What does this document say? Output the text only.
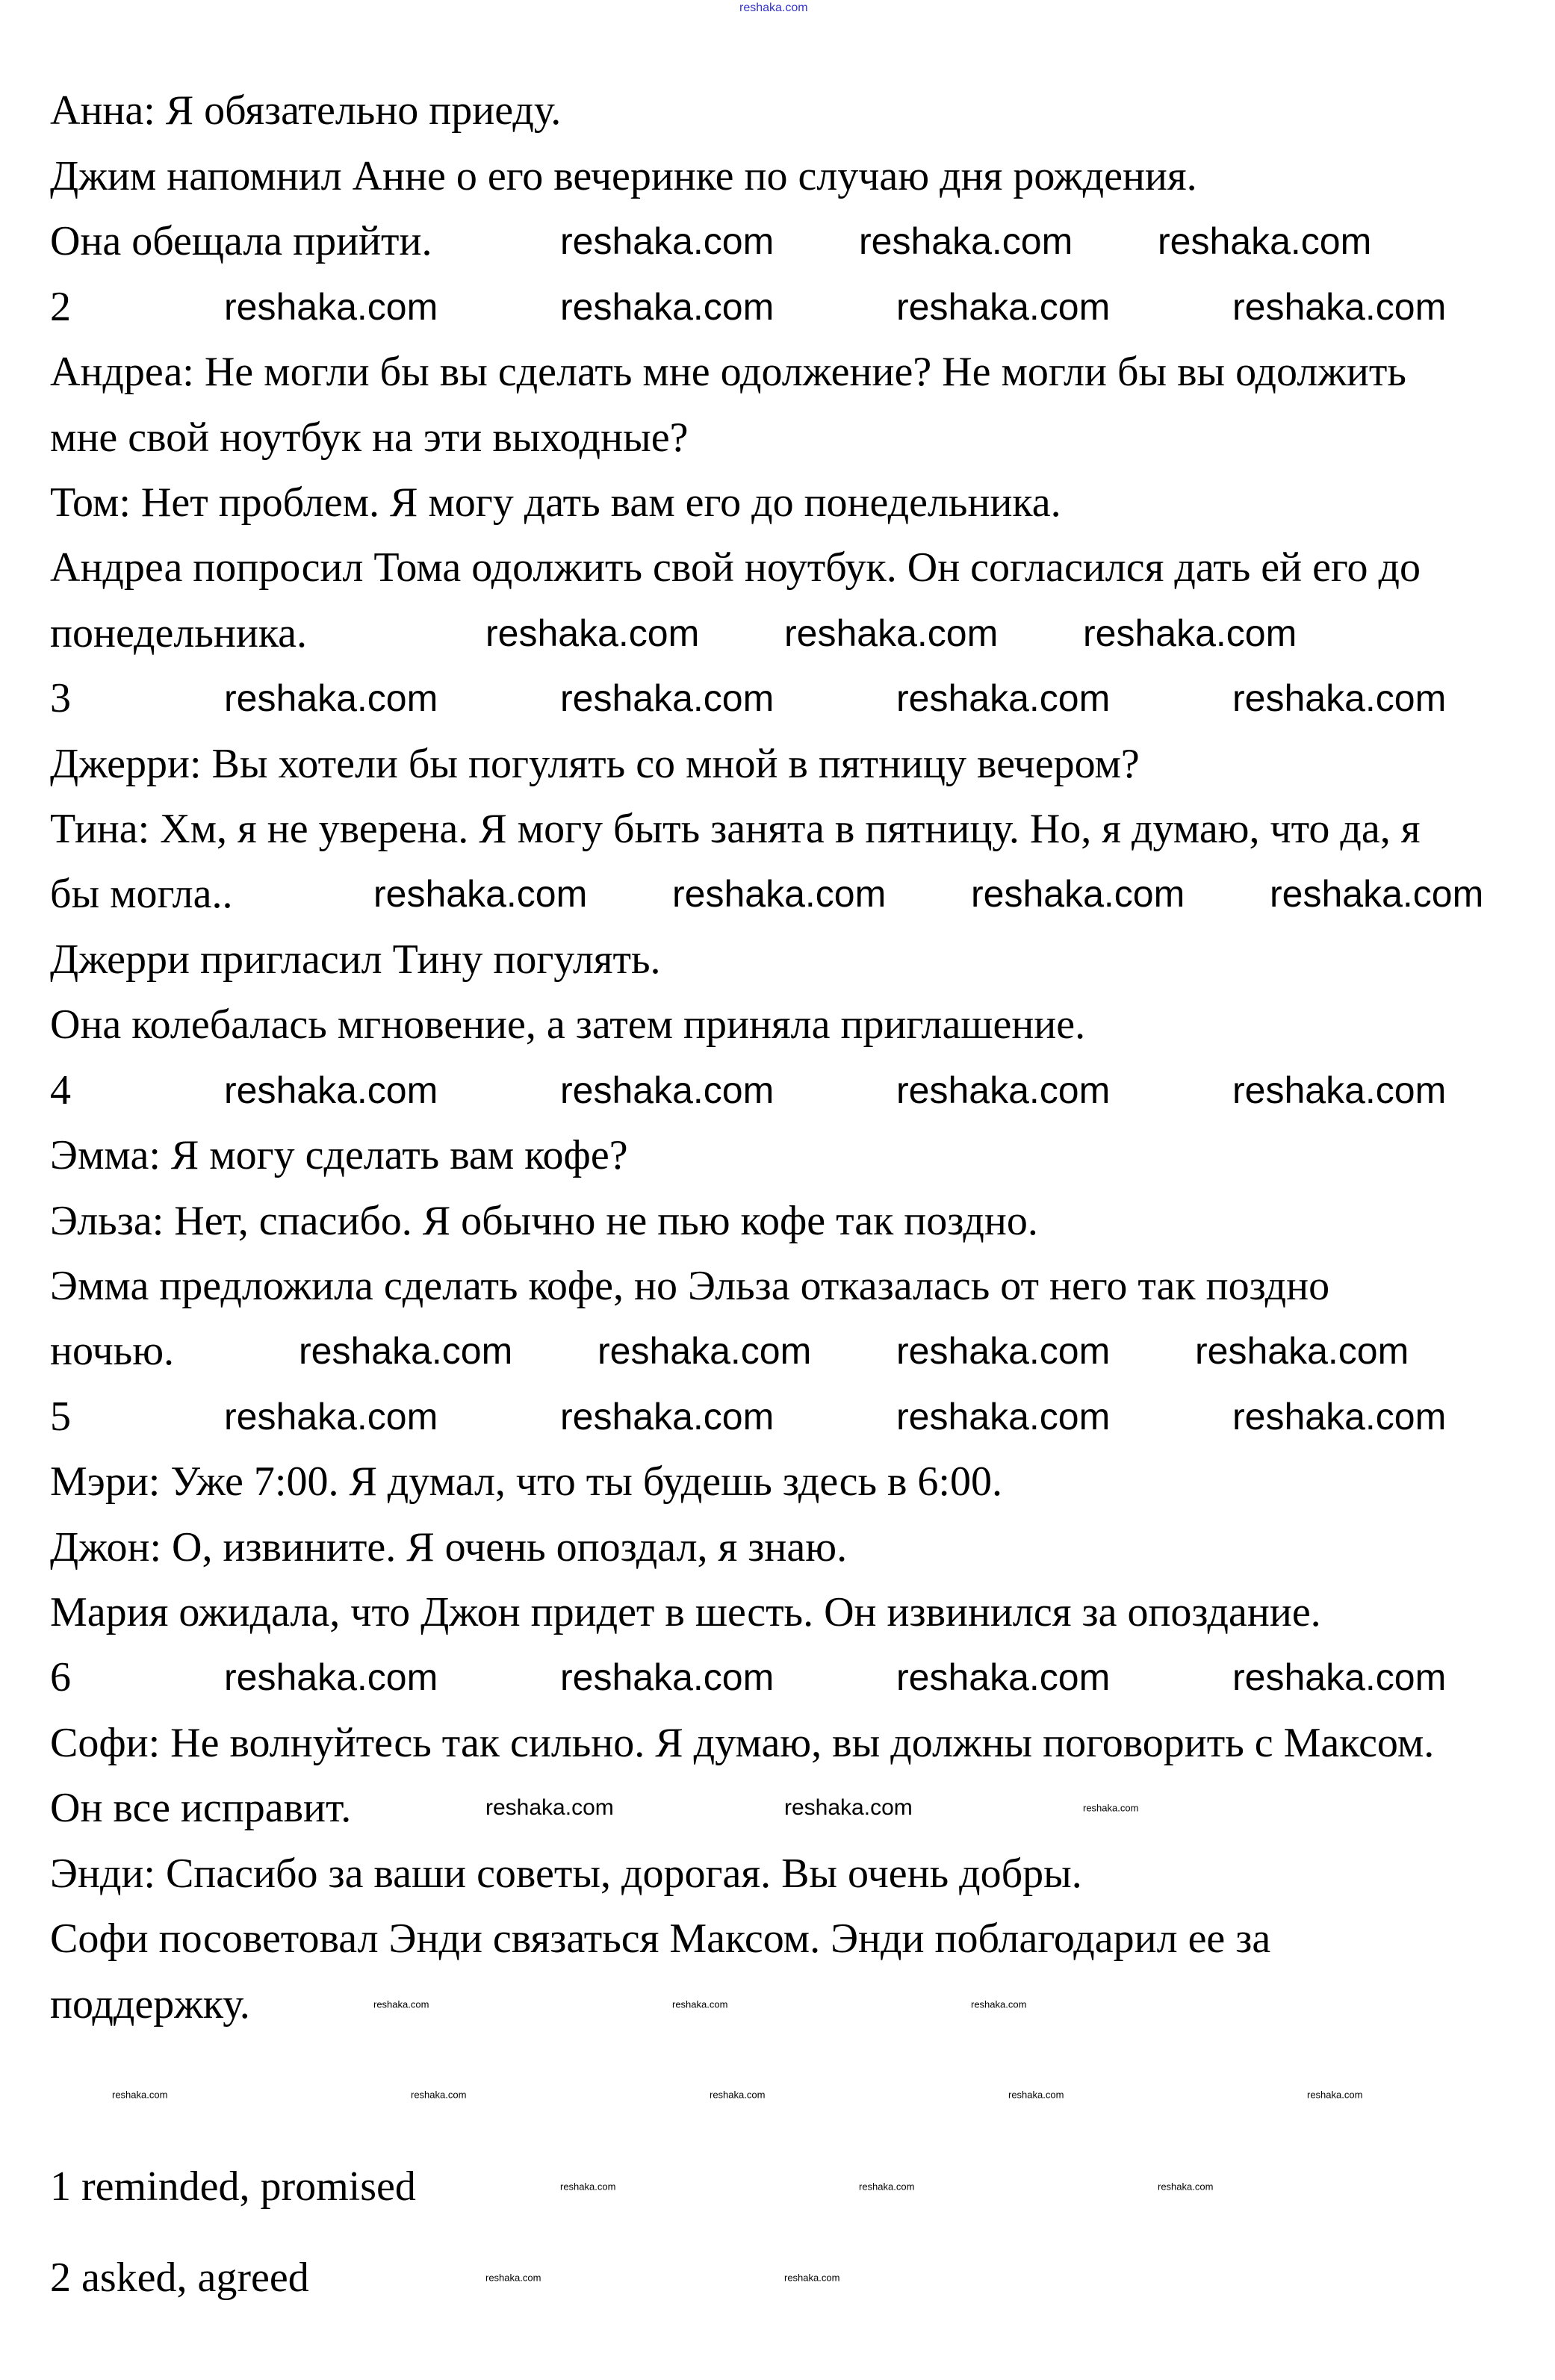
reshaka.com
Анна: Я обязательно приеду.
Джим напомнил Анне о его вечеринке по случаю дня рождения.
Она обещала прийти.
2
Андреа: Не могли бы вы сделать мне одолжение? Не могли бы вы одолжить
мне свой ноутбук на эти выходные?
Том: Нет проблем. Я могу дать вам его до понедельника.
Андреа попросил Тома одолжить свой ноутбук. Он согласился дать ей его до
понедельника.
3
Джерри: Вы хотели бы погулять со мной в пятницу вечером?
Тина: Хм, я не уверена. Я могу быть занята в пятницу. Но, я думаю, что да, я
бы могла..
Джерри пригласил Тину погулять.
Она колебалась мгновение, а затем приняла приглашение.
4
Эмма: Я могу сделать вам кофе?
Эльза: Нет, спасибо. Я обычно не пью кофе так поздно.
Эмма предложила сделать кофе, но Эльза отказалась от него так поздно
ночью.
5
Мэри: Уже 7:00. Я думал, что ты будешь здесь в 6:00.
Джон: О, извините. Я очень опоздал, я знаю.
Мария ожидала, что Джон придет в шесть. Он извинился за опоздание.
6
Софи: Не волнуйтесь так сильно. Я думаю, вы должны поговорить с Максом.
Он все исправит.
Энди: Спасибо за ваши советы, дорогая. Вы очень добры.
Софи посоветовал Энди связаться Максом. Энди поблагодарил ее за
поддержку.
1 reminded, promised
2 asked, agreed
reshaka.com reshaka.com reshaka.com
reshaka.com	reshaka.com	reshaka.com	reshaka.com
reshaka.com reshaka.com reshaka.com
reshaka.com	reshaka.com	reshaka.com	reshaka.com
reshaka.com reshaka.com reshaka.com reshaka.com
reshaka.com	reshaka.com	reshaka.com	reshaka.com
reshaka.com reshaka.com reshaka.com reshaka.com
reshaka.com	reshaka.com	reshaka.com	reshaka.com
reshaka.com	reshaka.com	reshaka.com	reshaka.com
reshaka.com	reshaka.com	reshaka.com
reshaka.com	reshaka.com	reshaka.com
reshaka.com	reshaka.com	reshaka.com	reshaka.com	reshaka.com
reshaka.com	reshaka.com	reshaka.com
reshaka.com	reshaka.com
